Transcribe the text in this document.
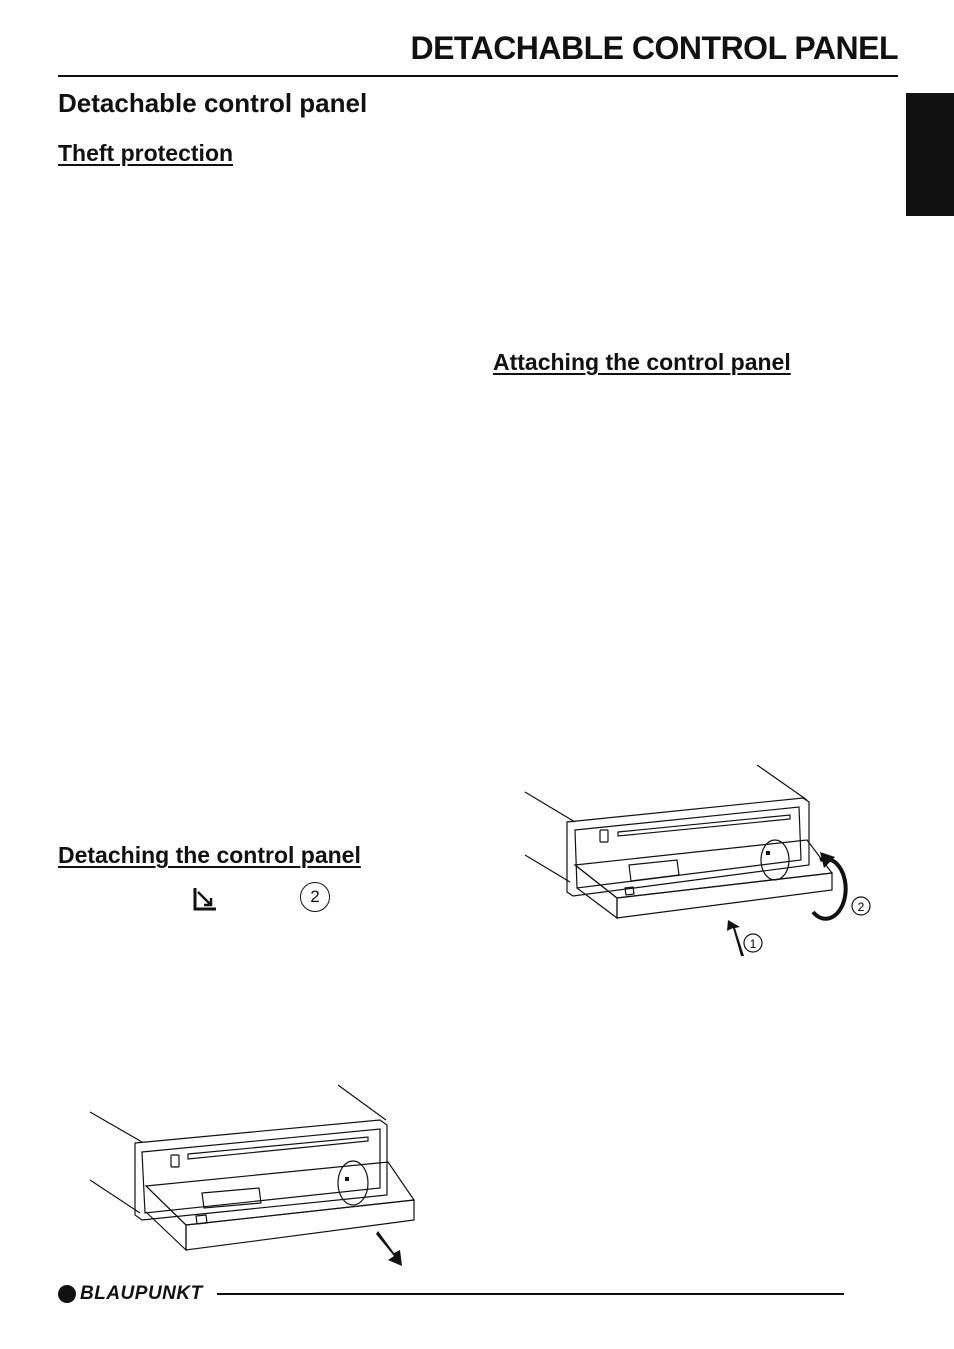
DETACHABLE CONTROL PANEL
Detachable control panel
Theft protection
Attaching the control panel
Detaching the control panel
2
1
2
BLAUPUNKT
